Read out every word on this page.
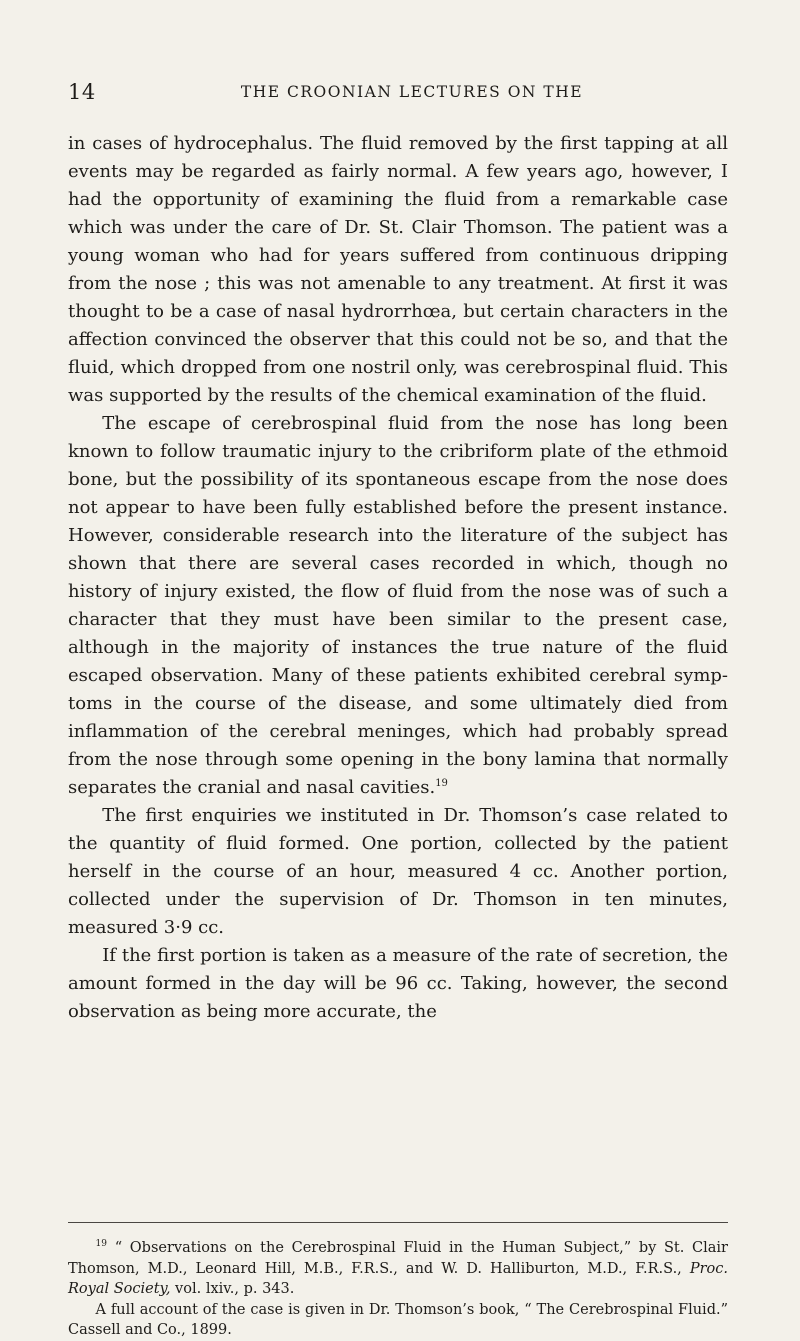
14	THE CROONIAN LECTURES ON THE

in cases of hydrocephalus. The fluid removed by the first tapping at all events may be regarded as fairly normal. A few years ago, however, I had the opportunity of examining the fluid from a remarkable case which was under the care of Dr. St. Clair Thomson. The patient was a young woman who had for years suffered from continuous dripping from the nose ; this was not amenable to any treatment. At first it was thought to be a case of nasal hydrorrhœa, but certain characters in the affection convinced the observer that this could not be so, and that the fluid, which dropped from one nostril only, was cerebrospinal fluid. This was supported by the results of the chemical examination of the fluid.

The escape of cerebrospinal fluid from the nose has long been known to follow traumatic injury to the cribriform plate of the ethmoid bone, but the possibility of its spontaneous escape from the nose does not appear to have been fully established before the present instance. However, considerable research into the literature of the subject has shown that there are several cases recorded in which, though no history of injury existed, the flow of fluid from the nose was of such a character that they must have been similar to the present case, although in the majority of instances the true nature of the fluid escaped observation. Many of these patients exhibited cerebral symptoms in the course of the disease, and some ultimately died from inflammation of the cerebral meninges, which had probably spread from the nose through some opening in the bony lamina that normally separates the cranial and nasal cavities.$^{19}$

The first enquiries we instituted in Dr. Thomson’s case related to the quantity of fluid formed. One portion, collected by the patient herself in the course of an hour, measured 4 cc. Another portion, collected under the supervision of Dr. Thomson in ten minutes, measured 3·9 cc.

If the first portion is taken as a measure of the rate of secretion, the amount formed in the day will be 96 cc. Taking, however, the second observation as being more accurate, the

$^{19}$ “ Observations on the Cerebrospinal Fluid in the Human Subject,” by St. Clair Thomson, M.D., Leonard Hill, M.B., F.R.S., and W. D. Halliburton, M.D., F.R.S., Proc. Royal Society, vol. lxiv., p. 343.

A full account of the case is given in Dr. Thomson’s book, “ The Cerebrospinal Fluid.” Cassell and Co., 1899.
